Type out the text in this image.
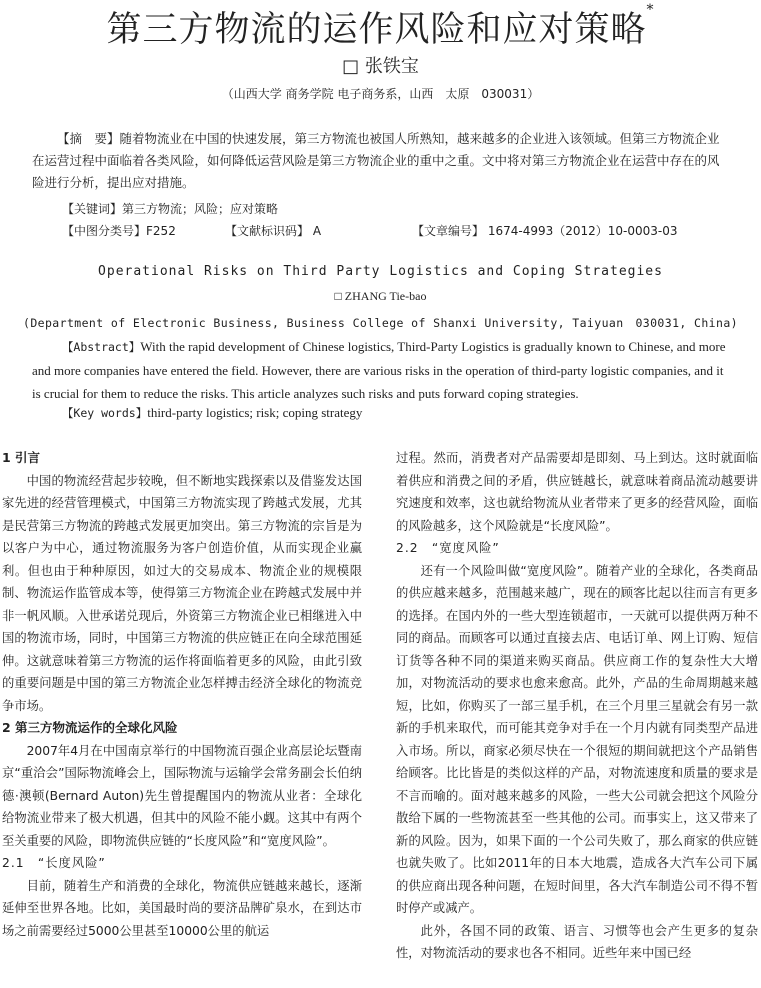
第三方物流的运作风险和应对策略*
□ 张铁宝
（山西大学 商务学院 电子商务系，山西　太原　030031）

【摘　要】随着物流业在中国的快速发展，第三方物流也被国人所熟知，越来越多的企业进入该领域。但第三方物流企业在运营过程中面临着各类风险，如何降低运营风险是第三方物流企业的重中之重。文中将对第三方物流企业在运营中存在的风险进行分析，提出应对措施。

【关键词】第三方物流；风险；应对策略
【中图分类号】F252	【文献标识码】 A	【文章编号】 1674-4993（2012）10-0003-03
Operational Risks on Third Party Logistics and Coping Strategies
□ ZHANG Tie-bao
(Department of Electronic Business, Business College of Shanxi University, Taiyuan　030031, China)

【Abstract】With the rapid development of Chinese logistics, Third-Party Logistics is gradually known to Chinese, and more and more companies have entered the field. However, there are various risks in the operation of third-party logistic companies, and it is crucial for them to reduce the risks. This article analyzes such risks and puts forward coping strategies.

【Key words】third-party logistics; risk; coping strategy
1 引言

中国的物流经营起步较晚，但不断地实践探索以及借鉴发达国家先进的经营管理模式，中国第三方物流实现了跨越式发展，尤其是民营第三方物流的跨越式发展更加突出。第三方物流的宗旨是为以客户为中心，通过物流服务为客户创造价值，从而实现企业赢利。但也由于种种原因，如过大的交易成本、物流企业的规模限制、物流运作监管成本等，使得第三方物流企业在跨越式发展中并非一帆风顺。入世承诺兑现后，外资第三方物流企业已相继进入中国的物流市场，同时，中国第三方物流的供应链正在向全球范围延伸。这就意味着第三方物流的运作将面临着更多的风险，由此引致的重要问题是中国的第三方物流企业怎样搏击经济全球化的物流竞争市场。

2 第三方物流运作的全球化风险

2007年4月在中国南京举行的中国物流百强企业高层论坛暨南京“重洽会”国际物流峰会上，国际物流与运输学会常务副会长伯纳德·澳顿(Bernard Auton)先生曾提醒国内的物流从业者：全球化给物流业带来了极大机遇，但其中的风险不能小觑。这其中有两个至关重要的风险，即物流供应链的“长度风险”和“宽度风险”。

2.1　“长度风险”

目前，随着生产和消费的全球化，物流供应链越来越长，逐渐延伸至世界各地。比如，美国最时尚的要济品牌矿泉水，在到达市场之前需要经过5000公里甚至10000公里的航运

过程。然而，消费者对产品需要却是即刻、马上到达。这时就面临着供应和消费之间的矛盾，供应链越长，就意味着商品流动越要讲究速度和效率，这也就给物流从业者带来了更多的经营风险，面临的风险越多，这个风险就是“长度风险”。

2.2　“宽度风险”

还有一个风险叫做“宽度风险”。随着产业的全球化，各类商品的供应越来越多，范围越来越广，现在的顾客比起以往而言有更多的选择。在国内外的一些大型连锁超市，一天就可以提供两万种不同的商品。而顾客可以通过直接去店、电话订单、网上订购、短信订货等各种不同的渠道来购买商品。供应商工作的复杂性大大增加，对物流活动的要求也愈来愈高。此外，产品的生命周期越来越短，比如，你购买了一部三星手机，在三个月里三星就会有另一款新的手机来取代，而可能其竞争对手在一个月内就有同类型产品进入市场。所以，商家必须尽快在一个很短的期间就把这个产品销售给顾客。比比皆是的类似这样的产品，对物流速度和质量的要求是不言而喻的。面对越来越多的风险，一些大公司就会把这个风险分散给下属的一些物流甚至一些其他的公司。而事实上，这又带来了新的风险。因为，如果下面的一个公司失败了，那么商家的供应链也就失败了。比如2011年的日本大地震，造成各大汽车公司下属的供应商出现各种问题，在短时间里，各大汽车制造公司不得不暂时停产或减产。

此外，各国不同的政策、语言、习惯等也会产生更多的复杂性，对物流活动的要求也各不相同。近些年来中国已经
